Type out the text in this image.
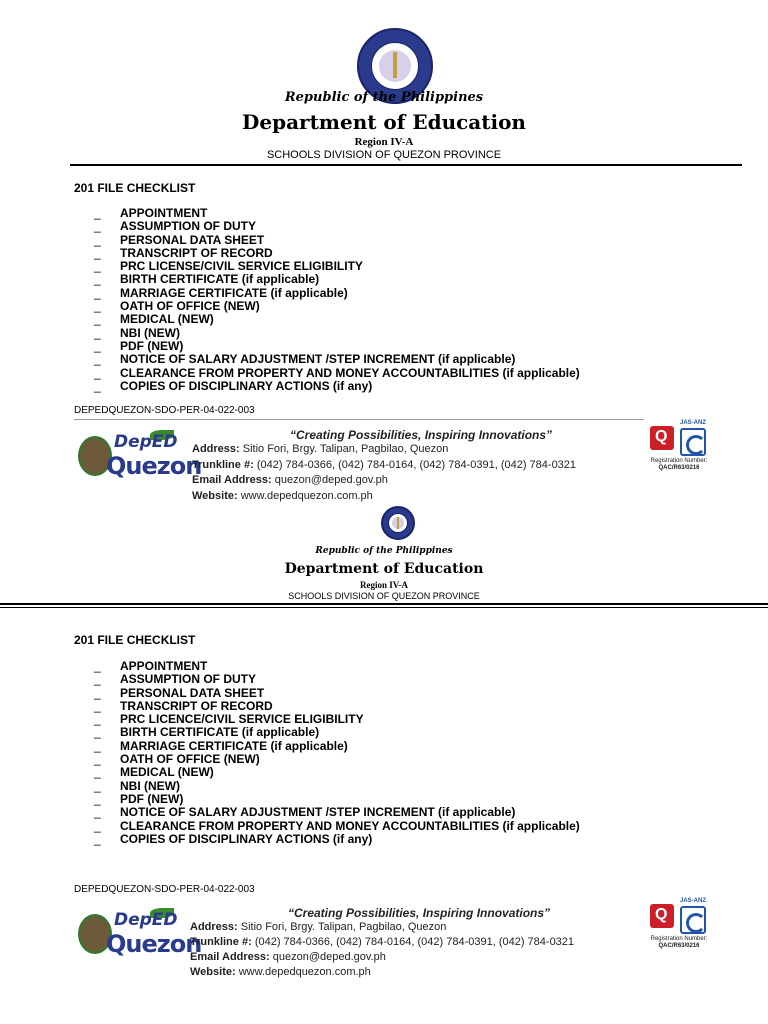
Republic of the Philippines
Department of Education
Region IV-A
SCHOOLS DIVISION OF QUEZON PROVINCE
201 FILE CHECKLIST
_	APPOINTMENT
_	ASSUMPTION OF DUTY
_	PERSONAL DATA SHEET
_	TRANSCRIPT OF RECORD
_	PRC LICENSE/CIVIL SERVICE ELIGIBILITY
_	BIRTH CERTIFICATE (if applicable)
_	MARRIAGE CERTIFICATE (if applicable)
_	OATH OF OFFICE (NEW)
_	MEDICAL (NEW)
_	NBI (NEW)
_	PDF (NEW)
_	NOTICE OF SALARY ADJUSTMENT /STEP INCREMENT (if applicable)
_	CLEARANCE FROM PROPERTY AND MONEY ACCOUNTABILITIES (if applicable)
_	COPIES OF DISCIPLINARY ACTIONS (if any)
DEPEDQUEZON-SDO-PER-04-022-003
DepED
Quezon
“Creating Possibilities, Inspiring Innovations”
Address: Sitio Fori, Brgy. Talipan, Pagbilao, Quezon
Trunkline #: (042) 784-0366, (042) 784-0164, (042) 784-0391, (042) 784-0321
Email Address: quezon@deped.gov.ph
Website: www.depedquezon.com.ph
Q
JAS-ANZ
Registration Number:
QAC/R63/0216
Republic of the Philippines
Department of Education
Region IV-A
SCHOOLS DIVISION OF QUEZON PROVINCE
201 FILE CHECKLIST
_	APPOINTMENT
_	ASSUMPTION OF DUTY
_	PERSONAL DATA SHEET
_	TRANSCRIPT OF RECORD
_	PRC LICENCE/CIVIL SERVICE ELIGIBILITY
_	BIRTH CERTIFICATE (if applicable)
_	MARRIAGE CERTIFICATE (if applicable)
_	OATH OF OFFICE (NEW)
_	MEDICAL (NEW)
_	NBI (NEW)
_	PDF (NEW)
_	NOTICE OF SALARY ADJUSTMENT /STEP INCREMENT (if applicable)
_	CLEARANCE FROM PROPERTY AND MONEY ACCOUNTABILITIES (if applicable)
_	COPIES OF DISCIPLINARY ACTIONS (if any)
DEPEDQUEZON-SDO-PER-04-022-003
DepED
Quezon
“Creating Possibilities, Inspiring Innovations”
Address: Sitio Fori, Brgy. Talipan, Pagbilao, Quezon
Trunkline #: (042) 784-0366, (042) 784-0164, (042) 784-0391, (042) 784-0321
Email Address: quezon@deped.gov.ph
Website: www.depedquezon.com.ph
Q
JAS-ANZ
Registration Number:
QAC/R63/0216
